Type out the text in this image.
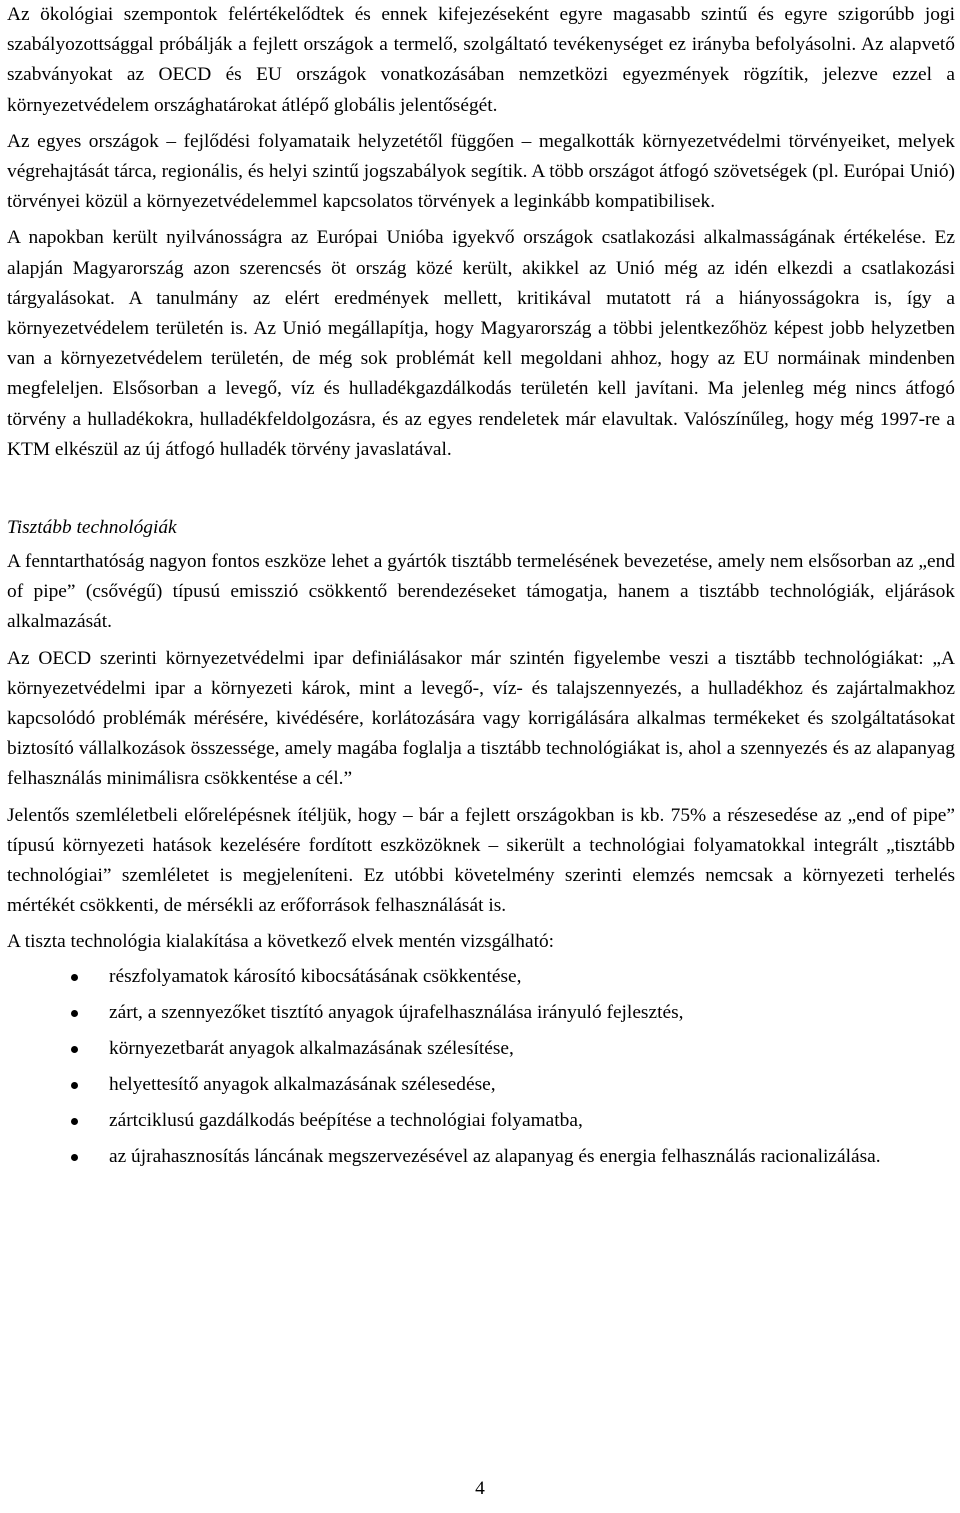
Az ökológiai szempontok felértékelődtek és ennek kifejezéseként egyre magasabb szintű és egyre szigorúbb jogi szabályozottsággal próbálják a fejlett országok a termelő, szolgáltató tevékenységet ez irányba befolyásolni. Az alapvető szabványokat az OECD és EU országok vonatkozásában nemzetközi egyezmények rögzítik, jelezve ezzel a környezetvédelem országhatárokat átlépő globális jelentőségét.

Az egyes országok – fejlődési folyamataik helyzetétől függően – megalkották környezetvédelmi törvényeiket, melyek végrehajtását tárca, regionális, és helyi szintű jogszabályok segítik. A több országot átfogó szövetségek (pl. Európai Unió) törvényei közül a környezetvédelemmel kapcsolatos törvények a leginkább kompatibilisek.

A napokban került nyilvánosságra az Európai Unióba igyekvő országok csatlakozási alkalmasságának értékelése. Ez alapján Magyarország azon szerencsés öt ország közé került, akikkel az Unió még az idén elkezdi a csatlakozási tárgyalásokat. A tanulmány az elért eredmények mellett, kritikával mutatott rá a hiányosságokra is, így a környezetvédelem területén is. Az Unió megállapítja, hogy Magyarország a többi jelentkezőhöz képest jobb helyzetben van a környezetvédelem területén, de még sok problémát kell megoldani ahhoz, hogy az EU normáinak mindenben megfeleljen. Elsősorban a levegő, víz és hulladékgazdálkodás területén kell javítani. Ma jelenleg még nincs átfogó törvény a hulladékokra, hulladékfeldolgozásra, és az egyes rendeletek már elavultak. Valószínűleg, hogy még 1997-re a KTM elkészül az új átfogó hulladék törvény javaslatával.

Tisztább technológiák

A fenntarthatóság nagyon fontos eszköze lehet a gyártók tisztább termelésének bevezetése, amely nem elsősorban az „end of pipe” (csővégű) típusú emisszió csökkentő berendezéseket támogatja, hanem a tisztább technológiák, eljárások alkalmazását.

Az OECD szerinti környezetvédelmi ipar definiálásakor már szintén figyelembe veszi a tisztább technológiákat: „A környezetvédelmi ipar a környezeti károk, mint a levegő-, víz- és talajszennyezés, a hulladékhoz és zajártalmakhoz kapcsolódó problémák mérésére, kivédésére, korlátozására vagy korrigálására alkalmas termékeket és szolgáltatásokat biztosító vállalkozások összessége, amely magába foglalja a tisztább technológiákat is, ahol a szennyezés és az alapanyag felhasználás minimálisra csökkentése a cél.”

Jelentős szemléletbeli előrelépésnek ítéljük, hogy – bár a fejlett országokban is kb. 75% a részesedése az „end of pipe” típusú környezeti hatások kezelésére fordított eszközöknek – sikerült a technológiai folyamatokkal integrált „tisztább technológiai” szemléletet is megjeleníteni. Ez utóbbi követelmény szerinti elemzés nemcsak a környezeti terhelés mértékét csökkenti, de mérsékli az erőforrások felhasználását is.

A tiszta technológia kialakítása a következő elvek mentén vizsgálható:

részfolyamatok károsító kibocsátásának csökkentése,
zárt, a szennyezőket tisztító anyagok újrafelhasználása irányuló fejlesztés,
környezetbarát anyagok alkalmazásának szélesítése,
helyettesítő anyagok alkalmazásának szélesedése,
zártciklusú gazdálkodás beépítése a technológiai folyamatba,
az újrahasznosítás láncának megszervezésével az alapanyag és energia felhasználás racionalizálása.
4
